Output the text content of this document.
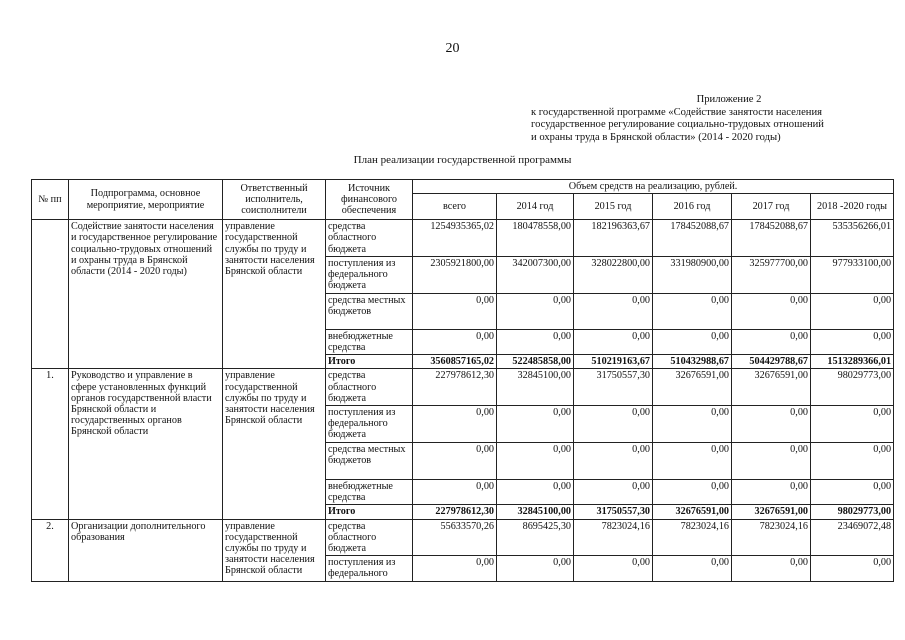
20
Приложение 2
к государственной программе «Содействие занятости населения
государственное регулирование социально-трудовых отношений
и охраны труда в Брянской области» (2014 - 2020 годы)
План реализации государственной программы
№ пп	Подпрограмма, основное мероприятие, мероприятие	Ответственный исполнитель, соисполнители	Источник финансового обеспечения	Объем средств на реализацию, рублей.					
				всего	2014 год	2015 год	2016 год	2017 год	2018 -2020 годы
	Содействие занятости населения и государственное регулирование социально-трудовых отношений и охраны труда в Брянской области (2014 - 2020 годы)	управление государственной службы по труду и занятости населения Брянской области	средства областного бюджета	1254935365,02	180478558,00	182196363,67	178452088,67	178452088,67	535356266,01
			поступления из федерального бюджета	2305921800,00	342007300,00	328022800,00	331980900,00	325977700,00	977933100,00
			средства местных бюджетов	0,00	0,00	0,00	0,00	0,00	0,00
			внебюджетные средства	0,00	0,00	0,00	0,00	0,00	0,00
			Итого	3560857165,02	522485858,00	510219163,67	510432988,67	504429788,67	1513289366,01
1.	Руководство и управление в сфере установленных функций органов государственной власти Брянской области и государственных органов Брянской области	управление государственной службы по труду и занятости населения Брянской области	средства областного бюджета	227978612,30	32845100,00	31750557,30	32676591,00	32676591,00	98029773,00
			поступления из федерального бюджета	0,00	0,00	0,00	0,00	0,00	0,00
			средства местных бюджетов	0,00	0,00	0,00	0,00	0,00	0,00
			внебюджетные средства	0,00	0,00	0,00	0,00	0,00	0,00
			Итого	227978612,30	32845100,00	31750557,30	32676591,00	32676591,00	98029773,00
2.	Организации дополнительного образования	управление государственной службы по труду и занятости населения Брянской области	средства областного бюджета	55633570,26	8695425,30	7823024,16	7823024,16	7823024,16	23469072,48
			поступления из федерального	0,00	0,00	0,00	0,00	0,00	0,00
